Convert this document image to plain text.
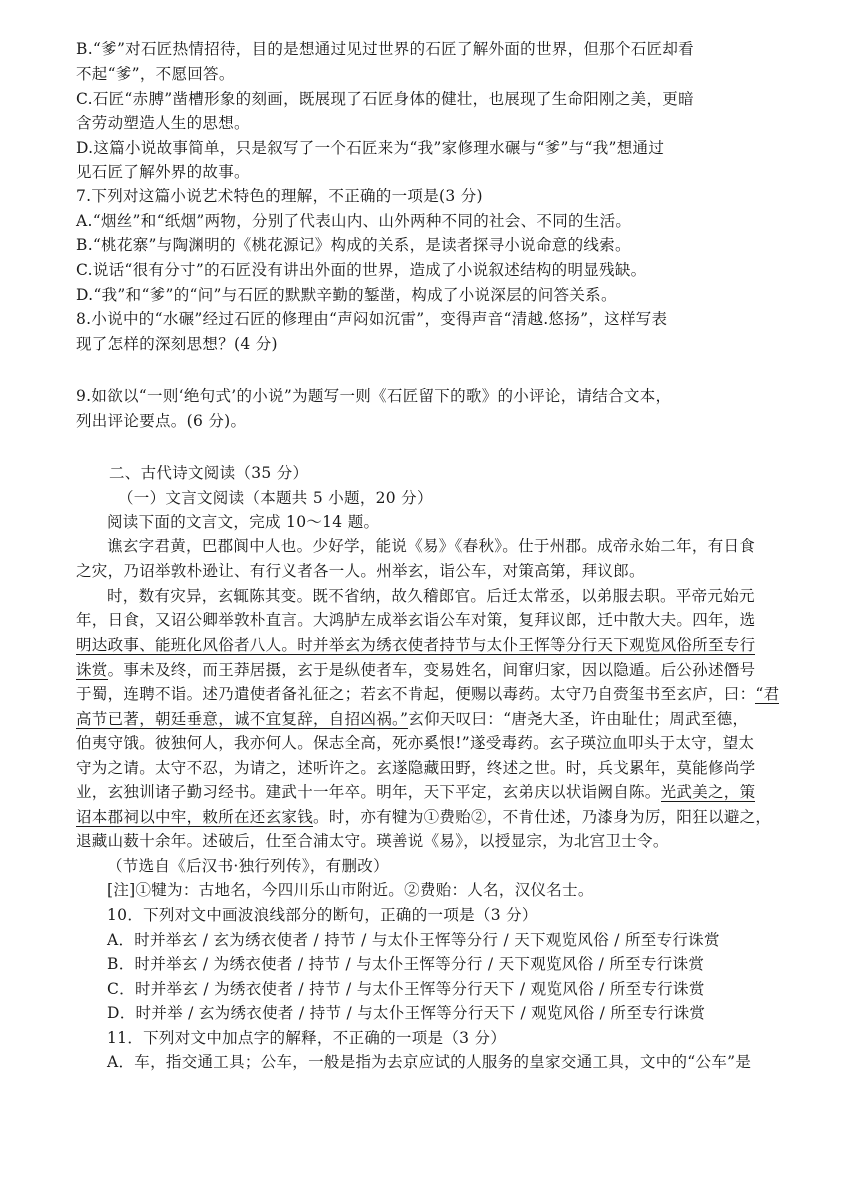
B.“爹”对石匠热情招待，目的是想通过见过世界的石匠了解外面的世界，但那个石匠却看
不起“爹”，不愿回答。
C.石匠“赤膊”凿槽形象的刻画，既展现了石匠身体的健壮，也展现了生命阳刚之美，更暗
含劳动塑造人生的思想。
D.这篇小说故事简单，只是叙写了一个石匠来为“我”家修理水碾与“爹”与“我”想通过
见石匠了解外界的故事。
7.下列对这篇小说艺术特色的理解，不正确的一项是(3 分)
A.“烟丝”和“纸烟”两物，分别了代表山内、山外两种不同的社会、不同的生活。
B.“桃花寨”与陶渊明的《桃花源记》构成的关系，是读者探寻小说命意的线索。
C.说话“很有分寸”的石匠没有讲出外面的世界，造成了小说叙述结构的明显残缺。
D.“我”和“爹”的“问”与石匠的默默辛勤的錾凿，构成了小说深层的问答关系。
8.小说中的“水碾”经过石匠的修理由“声闷如沉雷”，变得声音“清越.悠扬”，这样写表
现了怎样的深刻思想？(4 分)
9.如欲以“一则‘绝句式’的小说”为题写一则《石匠留下的歌》的小评论，请结合文本，
列出评论要点。(6 分)。
二、古代诗文阅读（35 分）
（一）文言文阅读（本题共 5 小题，20 分）
阅读下面的文言文，完成 10～14 题。
谯玄字君黄，巴郡阆中人也。少好学，能说《易》《春秋》。仕于州郡。成帝永始二年，有日食
之灾，乃诏举敦朴逊让、有行义者各一人。州举玄，诣公车，对策高第，拜议郎。
时，数有灾异，玄辄陈其变。既不省纳，故久稽郎官。后迁太常丞，以弟服去职。平帝元始元
年，日食，又诏公卿举敦朴直言。大鸿胪左成举玄诣公车对策，复拜议郎，迁中散大夫。四年，选
明达政事、能班化风俗者八人。时并举玄为绣衣使者持节与太仆王恽等分行天下观览风俗所至专行
诛赏。事未及终，而王莽居摄，玄于是纵使者车，变易姓名，间窜归家，因以隐遁。后公孙述僭号
于蜀，连聘不诣。述乃遣使者备礼征之；若玄不肯起，便赐以毒药。太守乃自赍玺书至玄庐，曰：“君
高节已著，朝廷垂意，诚不宜复辞，自招凶祸。”玄仰天叹曰：“唐尧大圣，许由耻仕；周武至德，
伯夷守饿。彼独何人，我亦何人。保志全高，死亦奚恨!”遂受毒药。玄子瑛泣血叩头于太守，望太
守为之请。太守不忍，为请之，述听许之。玄遂隐藏田野，终述之世。时，兵戈累年，莫能修尚学
业，玄独训诸子勤习经书。建武十一年卒。明年，天下平定，玄弟庆以状诣阙自陈。光武美之，策
诏本郡祠以中牢，敕所在还玄家钱。时，亦有犍为①费贻②，不肯仕述，乃漆身为厉，阳狂以避之，
退藏山薮十余年。述破后，仕至合浦太守。瑛善说《易》，以授显宗，为北宫卫士令。
（节选自《后汉书·独行列传》，有删改）
[注]①犍为：古地名，今四川乐山市附近。②费贻：人名，汉仪名士。
10．下列对文中画波浪线部分的断句，正确的一项是（3 分）
A．时并举玄 / 玄为绣衣使者 / 持节 / 与太仆王恽等分行 / 天下观览风俗 / 所至专行诛赏
B．时并举玄 / 为绣衣使者 / 持节 / 与太仆王恽等分行 / 天下观览风俗 / 所至专行诛赏
C．时并举玄 / 为绣衣使者 / 持节 / 与太仆王恽等分行天下 / 观览风俗 / 所至专行诛赏
D．时并举 / 玄为绣衣使者 / 持节 / 与太仆王恽等分行天下 / 观览风俗 / 所至专行诛赏
11．下列对文中加点字的解释，不正确的一项是（3 分）
A．车，指交通工具；公车，一般是指为去京应试的人服务的皇家交通工具，文中的“公车”是
